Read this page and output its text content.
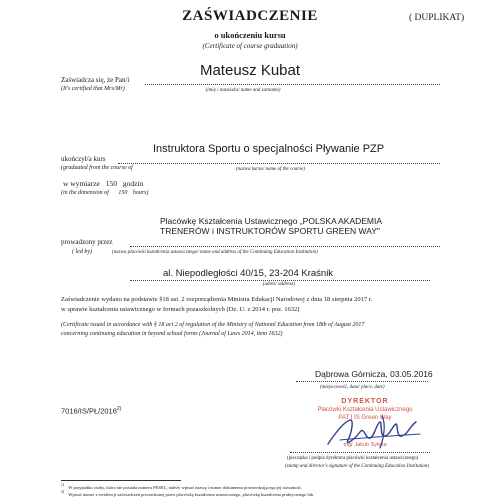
ZAŚWIADCZENIE	( DUPLIKAT)
o ukończeniu kursu
(Certificate of course graduation)
Mateusz Kubat
Zaświadcza się, że Pan/i
(It's certified that Mrs/Mr)	(imię i nazwisko/ name and surname)
Instruktora Sportu o specjalności Pływanie PZP
ukończył/a kurs
(graduated from the course of	(nazwa kursu/ name of the course)
w wymiarze 150 godzin
(in the dimension of 150 hours)
Placówkę Kształcenia Ustawicznego „POLSKA AKADEMIA
TRENERÓW i INSTRUKTORÓW SPORTU GREEN WAY"
prowadzony przez
( led by)	(nazwa placówki kształcenia ustawicznego/ name and address of the Continuing Education Institution)
al. Niepodległości 40/15, 23-204 Kraśnik
(adres/ address)
Zaświadczenie wydano na podstawie §18 ust. 2 rozporządzenia Ministra Edukacji Narodowej z dnia 18 sierpnia 2017 r.
w sprawie kształcenia ustawicznego w formach pozaszkolnych (Dz. U. z 2014 r. poz. 1632)
(Certificate issued in accordance with § 18 act 2 of regulation of the Ministry of National Education from 18th of August 2017
concerning continuing education in beyond school forms (Journal of Laws 2014, item 1632)
Dąbrowa Górnicza, 03.05.2016
(miejscowość, data/ place, date)
7016/IS/PŁ/2016$^{2)}$
DYREKTOR
Placówki Kształcenia Ustawicznego
PAT I IS Green Way
mgr Jakub Sylwia
(pieczątka i podpis dyrektora placówki kształcenia ustawicznego)
(stamp and director's signature of the Continuing Education Institution)
$^{1)}$ W przypadku osoby, która nie posiada numeru PESEL, należy wpisać nazwę i numer dokumentu potwierdzającego jej tożsamość.
$^{2)}$ Wpisać numer z ewidencji zaświadczeń prowadzonej przez placówkę kształcenia ustawicznego, placówkę kształcenia praktycznego lub
